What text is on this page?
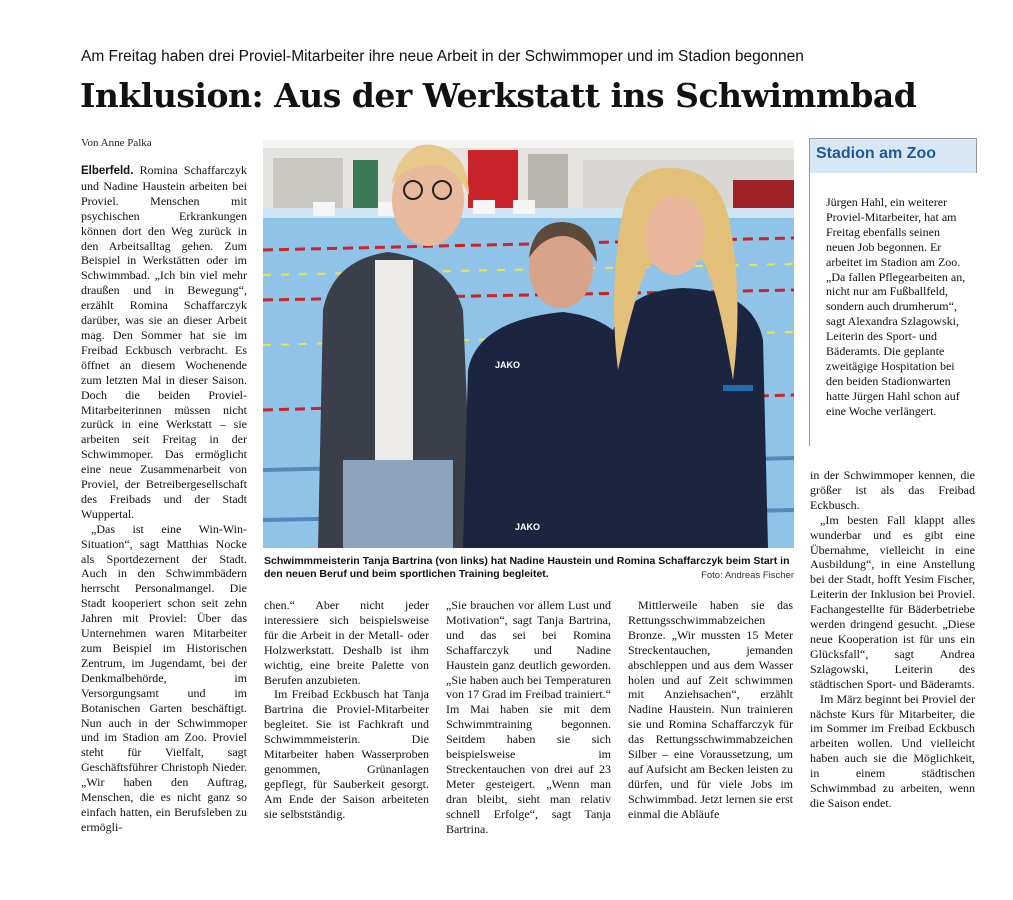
Am Freitag haben drei Proviel-Mitarbeiter ihre neue Arbeit in der Schwimmoper und im Stadion begonnen
Inklusion: Aus der Werkstatt ins Schwimmbad
Von Anne Palka

Elberfeld. Romina Schaffarczyk und Nadine Haustein arbeiten bei Proviel. Menschen mit psychischen Erkrankungen können dort den Weg zurück in den Arbeitsalltag gehen. Zum Beispiel in Werkstätten oder im Schwimmbad. „Ich bin viel mehr draußen und in Bewegung“, erzählt Romina Schaffarczyk darüber, was sie an dieser Arbeit mag. Den Sommer hat sie im Freibad Eckbusch verbracht. Es öffnet an diesem Wochenende zum letzten Mal in dieser Saison. Doch die beiden Proviel-Mitarbeiterinnen müssen nicht zurück in eine Werkstatt – sie arbeiten seit Freitag in der Schwimmoper. Das ermöglicht eine neue Zusammenarbeit von Proviel, der Betreibergesellschaft des Freibads und der Stadt Wuppertal.

„Das ist eine Win-Win-Situation“, sagt Matthias Nocke als Sportdezernent der Stadt. Auch in den Schwimmbädern herrscht Personalmangel. Die Stadt kooperiert schon seit zehn Jahren mit Proviel: Über das Unternehmen waren Mitarbeiter zum Beispiel im Historischen Zentrum, im Jugendamt, bei der Denkmalbehörde, im Versorgungsamt und im Botanischen Garten beschäftigt. Nun auch in der Schwimmoper und im Stadion am Zoo. Proviel steht für Vielfalt, sagt Geschäftsführer Christoph Nieder. „Wir haben den Auftrag, Menschen, die es nicht ganz so einfach hatten, ein Berufsleben zu ermögli-

JAKO
JAKO
Schwimmmeisterin Tanja Bartrina (von links) hat Nadine Haustein und Romina Schaffarczyk beim Start in den neuen Beruf und beim sportlichen Training begleitet.	Foto: Andreas Fischer
Stadion am Zoo
Jürgen Hahl, ein weiterer Proviel-Mitarbeiter, hat am Freitag ebenfalls seinen neuen Job begonnen. Er arbeitet im Stadion am Zoo. „Da fallen Pflegearbeiten an, nicht nur am Fußballfeld, sondern auch drumherum“, sagt Alexandra Szlagowski, Leiterin des Sport- und Bäderamts. Die geplante zweitägige Hospitation bei den beiden Stadionwarten hatte Jürgen Hahl schon auf eine Woche verlängert.

chen.“ Aber nicht jeder interessiere sich beispielsweise für die Arbeit in der Metall- oder Holzwerkstatt. Deshalb ist ihm wichtig, eine breite Palette von Berufen anzubieten.

Im Freibad Eckbusch hat Tanja Bartrina die Proviel-Mitarbeiter begleitet. Sie ist Fachkraft und Schwimmmeisterin. Die Mitarbeiter haben Wasserproben genommen, Grünanlagen gepflegt, für Sauberkeit gesorgt. Am Ende der Saison arbeiteten sie selbstständig.

„Sie brauchen vor allem Lust und Motivation“, sagt Tanja Bartrina, und das sei bei Romina Schaffarczyk und Nadine Haustein ganz deutlich geworden. „Sie haben auch bei Temperaturen von 17 Grad im Freibad trainiert.“ Im Mai haben sie mit dem Schwimmtraining begonnen. Seitdem haben sie sich beispielsweise im Streckentauchen von drei auf 23 Meter gesteigert. „Wenn man dran bleibt, sieht man relativ schnell Erfolge“, sagt Tanja Bartrina.

Mittlerweile haben sie das Rettungsschwimmabzeichen Bronze. „Wir mussten 15 Meter Streckentauchen, jemanden abschleppen und aus dem Wasser holen und auf Zeit schwimmen mit Anziehsachen“, erzählt Nadine Haustein. Nun trainieren sie und Romina Schaffarczyk für das Rettungsschwimmabzeichen Silber – eine Voraussetzung, um auf Aufsicht am Becken leisten zu dürfen, und für viele Jobs im Schwimmbad. Jetzt lernen sie erst einmal die Abläufe

in der Schwimmoper kennen, die größer ist als das Freibad Eckbusch.

„Im besten Fall klappt alles wunderbar und es gibt eine Übernahme, vielleicht in eine Ausbildung“, in eine Anstellung bei der Stadt, hofft Yesim Fischer, Leiterin der Inklusion bei Proviel. Fachangestellte für Bäderbetriebe werden dringend gesucht. „Diese neue Kooperation ist für uns ein Glücksfall“, sagt Andrea Szlagowski, Leiterin des städtischen Sport- und Bäderamts.

Im März beginnt bei Proviel der nächste Kurs für Mitarbeiter, die im Sommer im Freibad Eckbusch arbeiten wollen. Und vielleicht haben auch sie die Möglichkeit, in einem städtischen Schwimmbad zu arbeiten, wenn die Saison endet.
